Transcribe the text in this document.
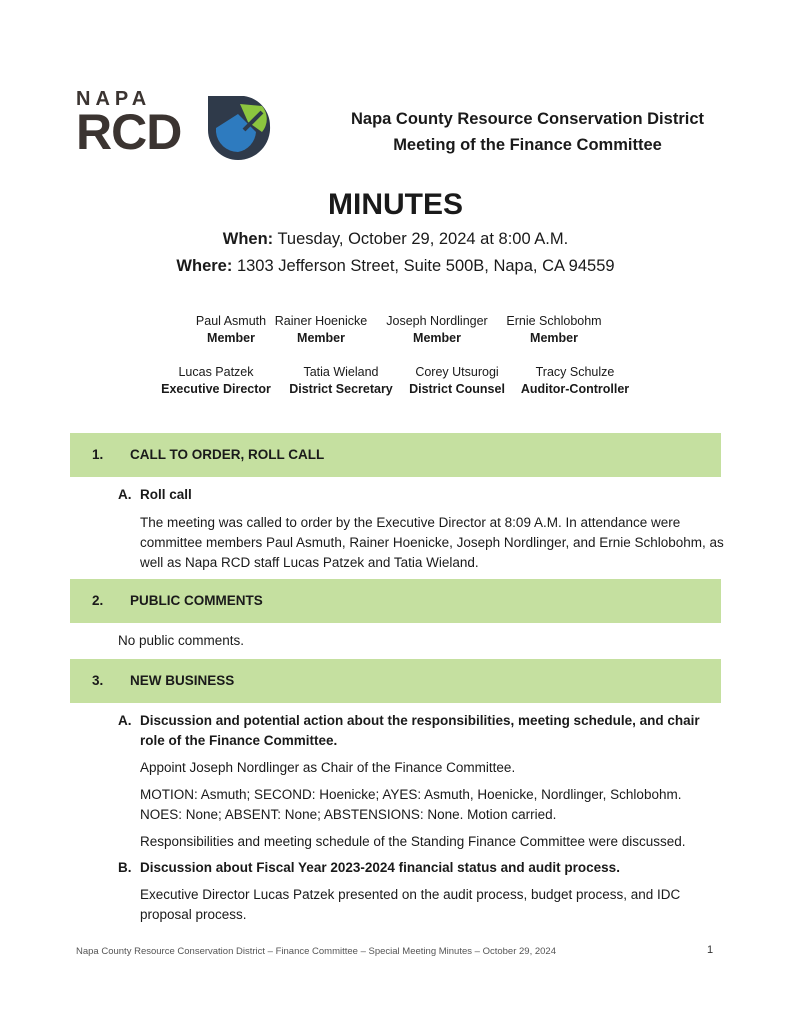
NAPA
RCD	Napa County Resource Conservation District
Meeting of the Finance Committee
MINUTES
When: Tuesday, October 29, 2024 at 8:00 A.M.
Where: 1303 Jefferson Street, Suite 500B, Napa, CA 94559
Paul Asmuth
Member
Rainer Hoenicke
Member
Joseph Nordlinger
Member
Ernie Schlobohm
Member
Lucas Patzek
Executive Director
Tatia Wieland
District Secretary
Corey Utsurogi
District Counsel
Tracy Schulze
Auditor-Controller
1. CALL TO ORDER, ROLL CALL
A. Roll call
The meeting was called to order by the Executive Director at 8:09 A.M. In attendance were committee members Paul Asmuth, Rainer Hoenicke, Joseph Nordlinger, and Ernie Schlobohm, as well as Napa RCD staff Lucas Patzek and Tatia Wieland.
2. PUBLIC COMMENTS
No public comments.
3. NEW BUSINESS
A. Discussion and potential action about the responsibilities, meeting schedule, and chair role of the Finance Committee.
Appoint Joseph Nordlinger as Chair of the Finance Committee.
MOTION: Asmuth; SECOND: Hoenicke; AYES: Asmuth, Hoenicke, Nordlinger, Schlobohm. NOES: None; ABSENT: None; ABSTENSIONS: None. Motion carried.
Responsibilities and meeting schedule of the Standing Finance Committee were discussed.
B. Discussion about Fiscal Year 2023-2024 financial status and audit process.
Executive Director Lucas Patzek presented on the audit process, budget process, and IDC proposal process.
Napa County Resource Conservation District – Finance Committee – Special Meeting Minutes – October 29, 2024	1
